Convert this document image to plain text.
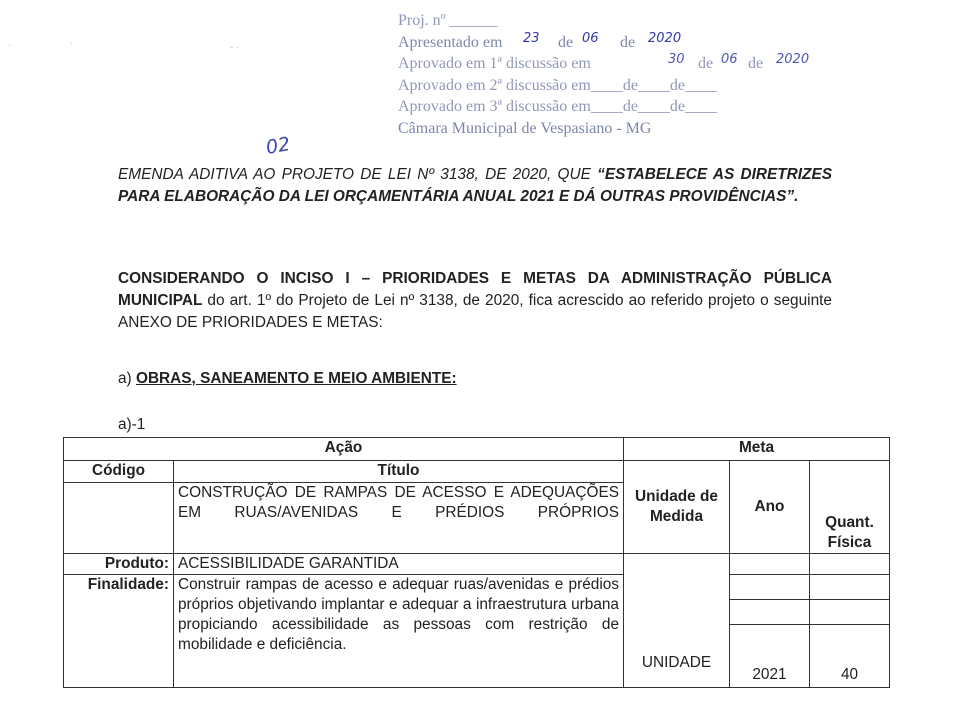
Proj. nº ______
Apresentado em 23 de 06 de 2020
Aprovado em 1ª discussão em	30 de 06 de 2020
Aprovado em 2ª discussão em____de____de____
Aprovado em 3ª discussão em____de____de____
Câmara Municipal de Vespasiano - MG
·	·	- ·
02
EMENDA ADITIVA AO PROJETO DE LEI Nº 3138, DE 2020, QUE “ESTABELECE AS DIRETRIZES PARA ELABORAÇÃO DA LEI ORÇAMENTÁRIA ANUAL 2021 E DÁ OUTRAS PROVIDÊNCIAS”.
CONSIDERANDO O INCISO I – PRIORIDADES E METAS DA ADMINISTRAÇÃO PÚBLICA MUNICIPAL do art. 1º do Projeto de Lei nº 3138, de 2020, fica acrescido ao referido projeto o seguinte ANEXO DE PRIORIDADES E METAS:
a) OBRAS, SANEAMENTO E MEIO AMBIENTE:
a)-1
Ação		Meta		
Código	Título	Unidade de Medida	Ano	Quant. Física
	CONSTRUÇÃO DE RAMPAS DE ACESSO E ADEQUAÇÕES EM RUAS/AVENIDAS E PRÉDIOS PRÓPRIOS			
Produto:	ACESSIBILIDADE GARANTIDA	UNIDADE		
Finalidade:	Construir rampas de acesso e adequar ruas/avenidas e prédios próprios objetivando implantar e adequar a infraestrutura urbana propiciando acessibilidade as pessoas com restrição de mobilidade e deficiência.			

			2021	40
